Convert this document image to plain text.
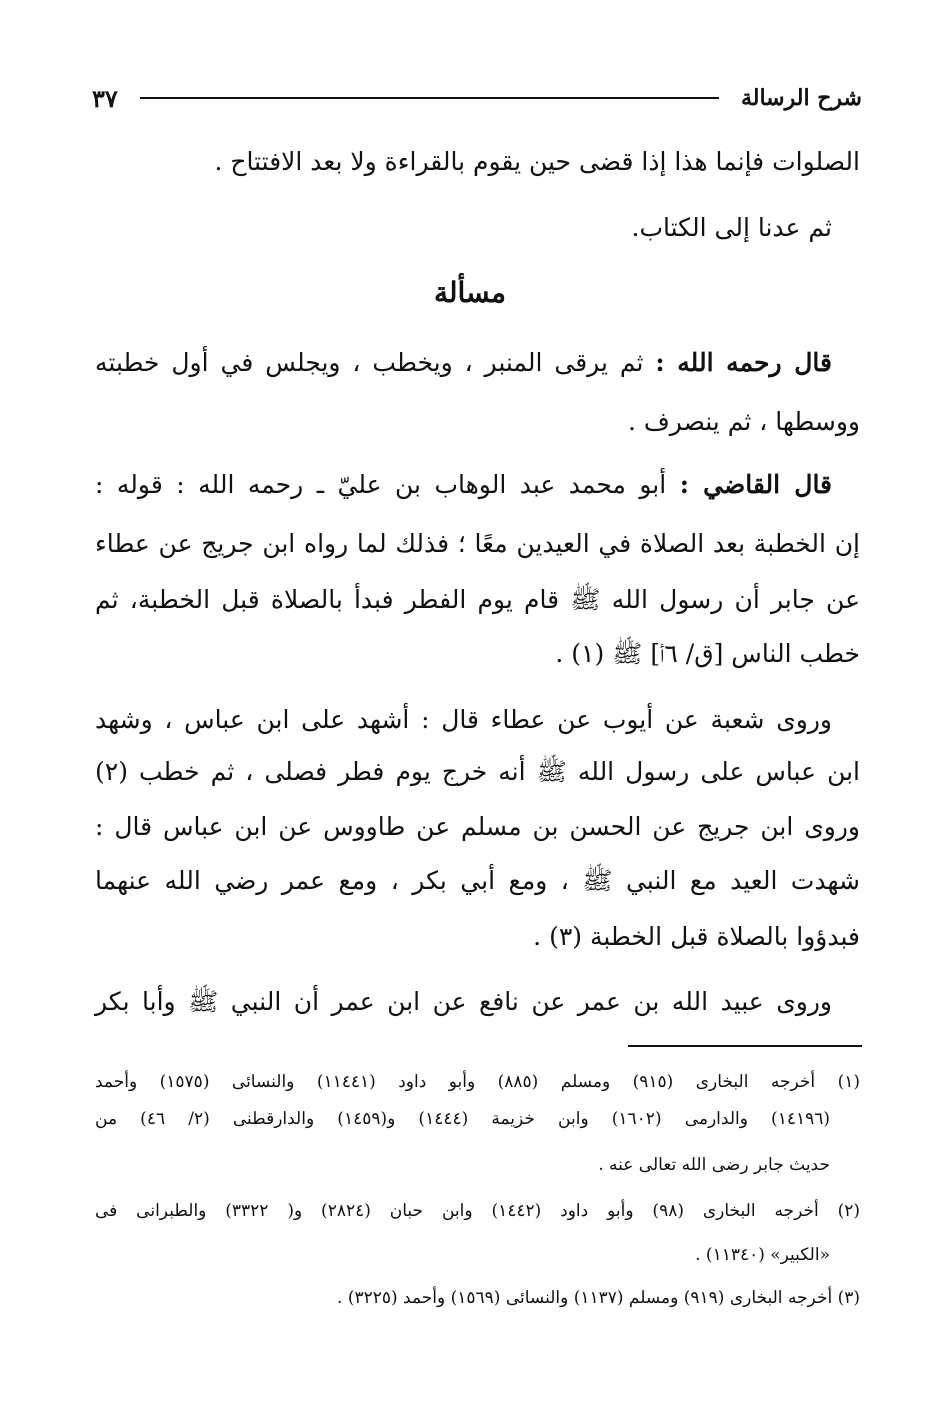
شرح الرسالة
٣٧
الصلوات فإنما هذا إذا قضى حين يقوم بالقراءة ولا بعد الافتتاح .
ثم عدنا إلى الكتاب.
مسألة
قال رحمه الله : ثم يرقى المنبر ، ويخطب ، ويجلس في أول خطبته
ووسطها ، ثم ينصرف .
قال القاضي : أبو محمد عبد الوهاب بن عليّ ـ رحمه الله : قوله :
إن الخطبة بعد الصلاة في العيدين معًا ؛ فذلك لما رواه ابن جريج عن عطاء
عن جابر أن رسول الله ﷺ قام يوم الفطر فبدأ بالصلاة قبل الخطبة، ثم
خطب الناس [ق/ ٦أ] ﷺ (١) .
وروى شعبة عن أيوب عن عطاء قال : أشهد على ابن عباس ، وشهد
ابن عباس على رسول الله ﷺ أنه خرج يوم فطر فصلى ، ثم خطب (٢)
وروى ابن جريج عن الحسن بن مسلم عن طاووس عن ابن عباس قال :
شهدت العيد مع النبي ﷺ ، ومع أبي بكر ، ومع عمر رضي الله عنهما
فبدؤوا بالصلاة قبل الخطبة (٣) .
وروى عبيد الله بن عمر عن نافع عن ابن عمر أن النبي ﷺ وأبا بكر
(١) أخرجه البخارى (٩١٥) ومسلم (٨٨٥) وأبو داود (١١٤٤١) والنسائى (١٥٧٥) وأحمد
(١٤١٩٦) والدارمى (١٦٠٢) وابن خزيمة (١٤٤٤) و(١٤٥٩) والدارقطنى (٢/ ٤٦) من
حديث جابر رضى الله تعالى عنه .
(٢) أخرجه البخارى (٩٨) وأبو داود (١٤٤٢) وابن حبان (٢٨٢٤) و( ٣٣٢٢) والطبرانى فى
«الكبير» (١١٣٤٠) .
(٣) أخرجه البخارى (٩١٩) ومسلم (١١٣٧) والنسائى (١٥٦٩) وأحمد (٣٢٢٥) .
